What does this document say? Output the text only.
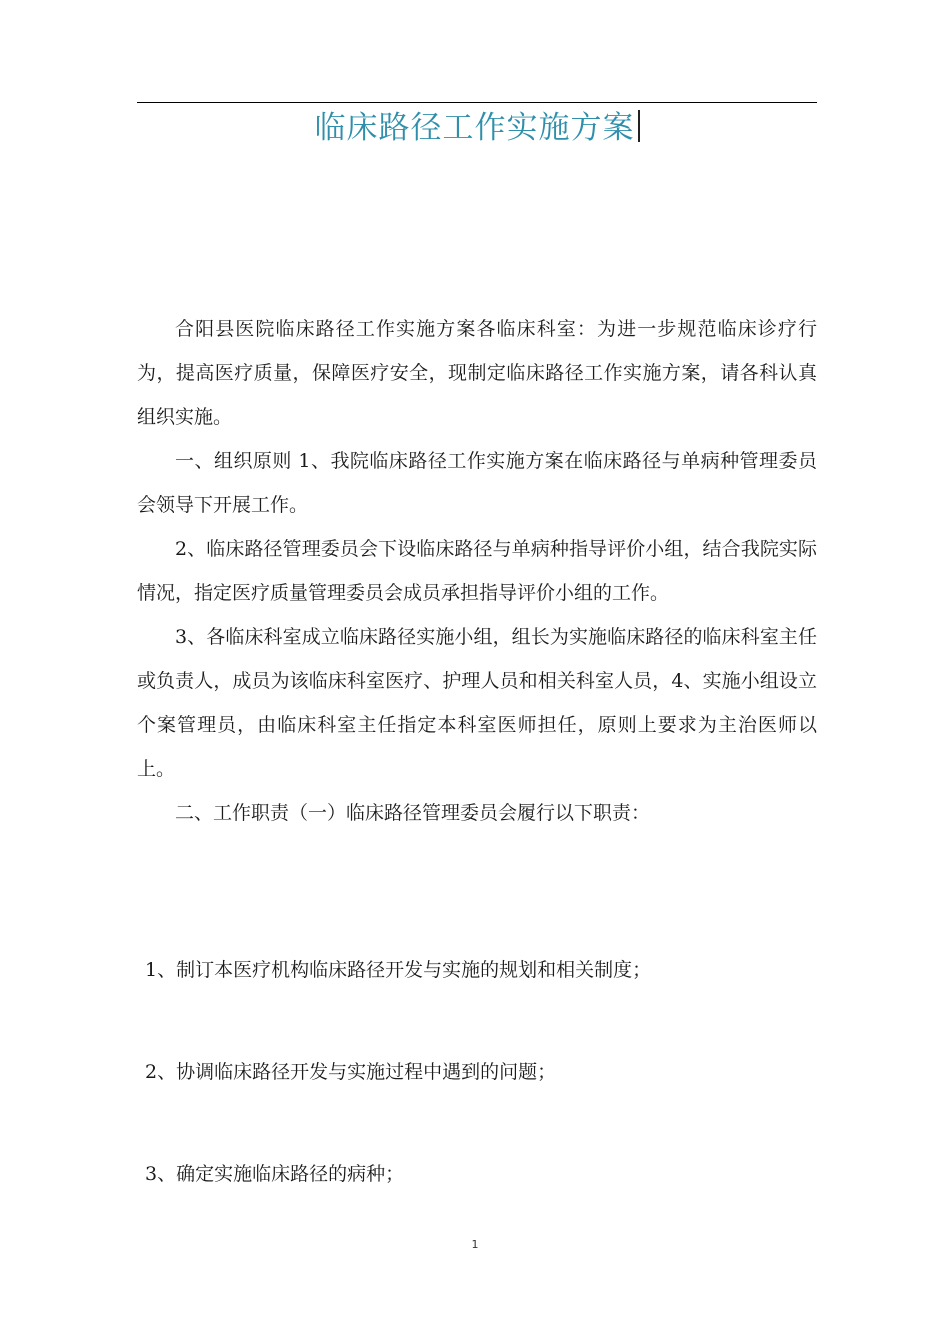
临床路径工作实施方案

合阳县医院临床路径工作实施方案各临床科室：为进一步规范临床诊疗行为，提高医疗质量，保障医疗安全，现制定临床路径工作实施方案，请各科认真组织实施。

一、组织原则 1、我院临床路径工作实施方案在临床路径与单病种管理委员会领导下开展工作。

2、临床路径管理委员会下设临床路径与单病种指导评价小组，结合我院实际情况，指定医疗质量管理委员会成员承担指导评价小组的工作。

3、各临床科室成立临床路径实施小组，组长为实施临床路径的临床科室主任或负责人，成员为该临床科室医疗、护理人员和相关科室人员，4、实施小组设立个案管理员，由临床科室主任指定本科室医师担任，原则上要求为主治医师以上。

二、工作职责（一）临床路径管理委员会履行以下职责：

1、制订本医疗机构临床路径开发与实施的规划和相关制度；

2、协调临床路径开发与实施过程中遇到的问题；

3、确定实施临床路径的病种；

1
